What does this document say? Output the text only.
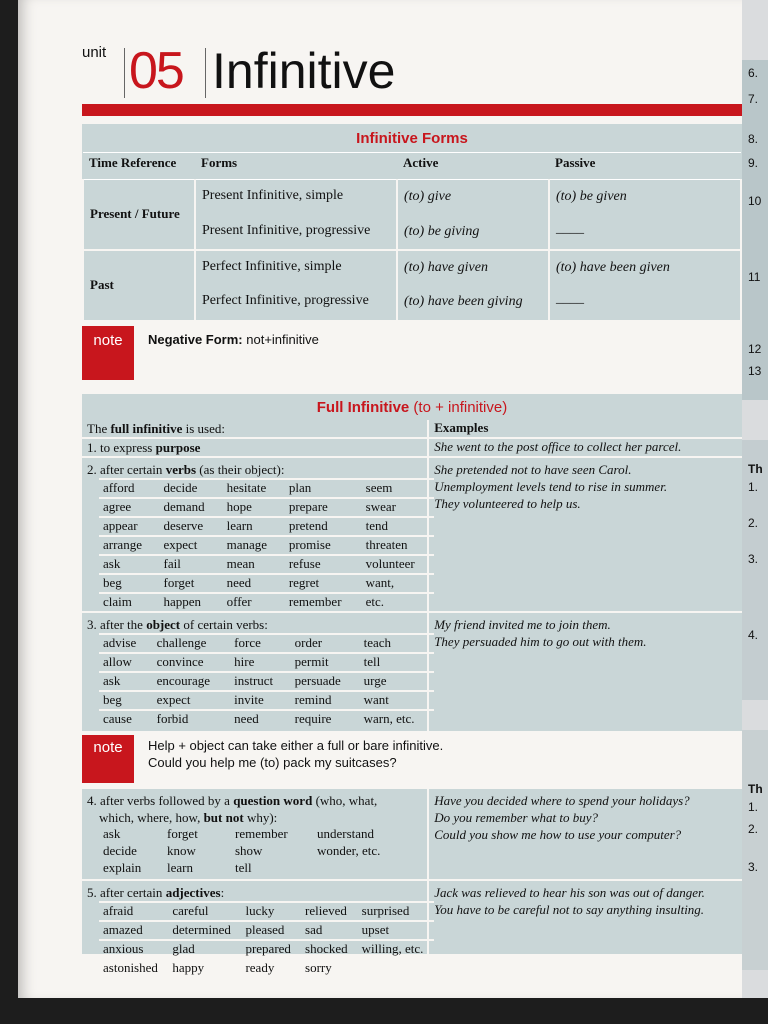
6.
7.
8.
9.
10
11
12
13
Th
1.
2.
3.
4.
Th
1.
2.
3.
unit 05 Infinitive
Infinitive Forms
Time Reference	Forms	Active	Passive
Present / Future	Present Infinitive, simple	(to) give	(to) be given
	Present Infinitive, progressive	(to) be giving	____
Past	Perfect Infinitive, simple	(to) have given	(to) have been given
	Perfect Infinitive, progressive	(to) have been giving	____
note	Negative Form: not+infinitive
Full Infinitive (to + infinitive)
The full infinitive is used:	Examples
1. to express purpose	She went to the post office to collect her parcel.

2. after certain verbs (as their object):
afford	decide	hesitate	plan	seem
agree	demand	hope	prepare	swear
appear	deserve	learn	pretend	tend
arrange	expect	manage	promise	threaten
ask	fail	mean	refuse	volunteer
beg	forget	need	regret	want,
claim	happen	offer	remember	etc.

She pretended not to have seen Carol.
Unemployment levels tend to rise in summer.
They volunteered to help us.

3. after the object of certain verbs:
advise	challenge	force	order	teach
allow	convince	hire	permit	tell
ask	encourage	instruct	persuade	urge
beg	expect	invite	remind	want
cause	forbid	need	require	warn, etc.

My friend invited me to join them.
They persuaded him to go out with them.

note	Help + object can take either a full or bare infinitive.
Could you help me (to) pack my suitcases?

4. after verbs followed by a question word (who, what,
which, where, how, but not why):
ask	forget	remember	understand
decide	know	show	wonder, etc.
explain	learn	tell	

Have you decided where to spend your holidays?
Do you remember what to buy?
Could you show me how to use your computer?

5. after certain adjectives:
afraid	careful	lucky	relieved	surprised
amazed	determined	pleased	sad	upset
anxious	glad	prepared	shocked	willing, etc.
astonished	happy	ready	sorry	

Jack was relieved to hear his son was out of danger.
You have to be careful not to say anything insulting.
